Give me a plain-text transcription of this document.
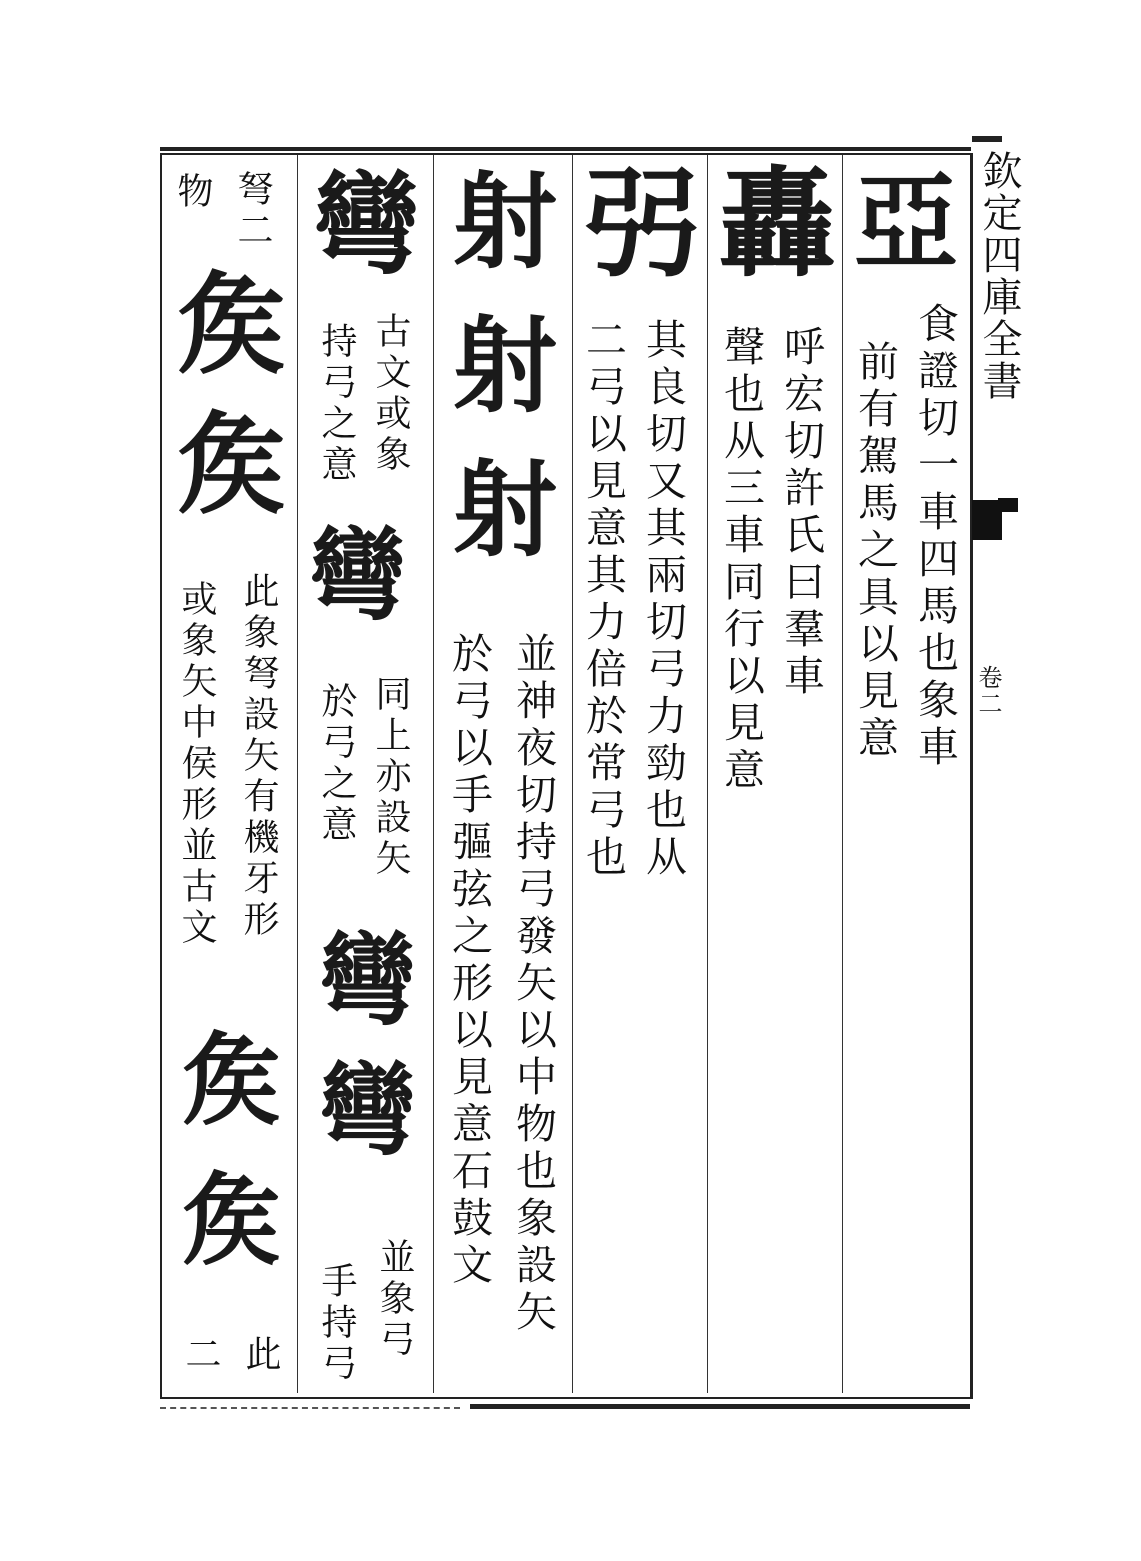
欽定四庫全書
卷二
亞
食證切一車四馬也象車
前有駕馬之具以見意
轟
呼宏切許氏曰羣車
聲也从三車同行以見意
弜
其良切又其兩切弓力勁也从
二弓以見意其力倍於常弓也
射
射
射
並神夜切持弓發矢以中物也象設矢
於弓以手彄弦之形以見意石鼓文
彎
古文或象
持弓之意
彎
同上亦設矢
於弓之意
彎
彎
並象弓
手持弓
弩二
物
矦
矦
此象弩設矢有機牙形
或象矢中侯形並古文
矦
矦
此
二
